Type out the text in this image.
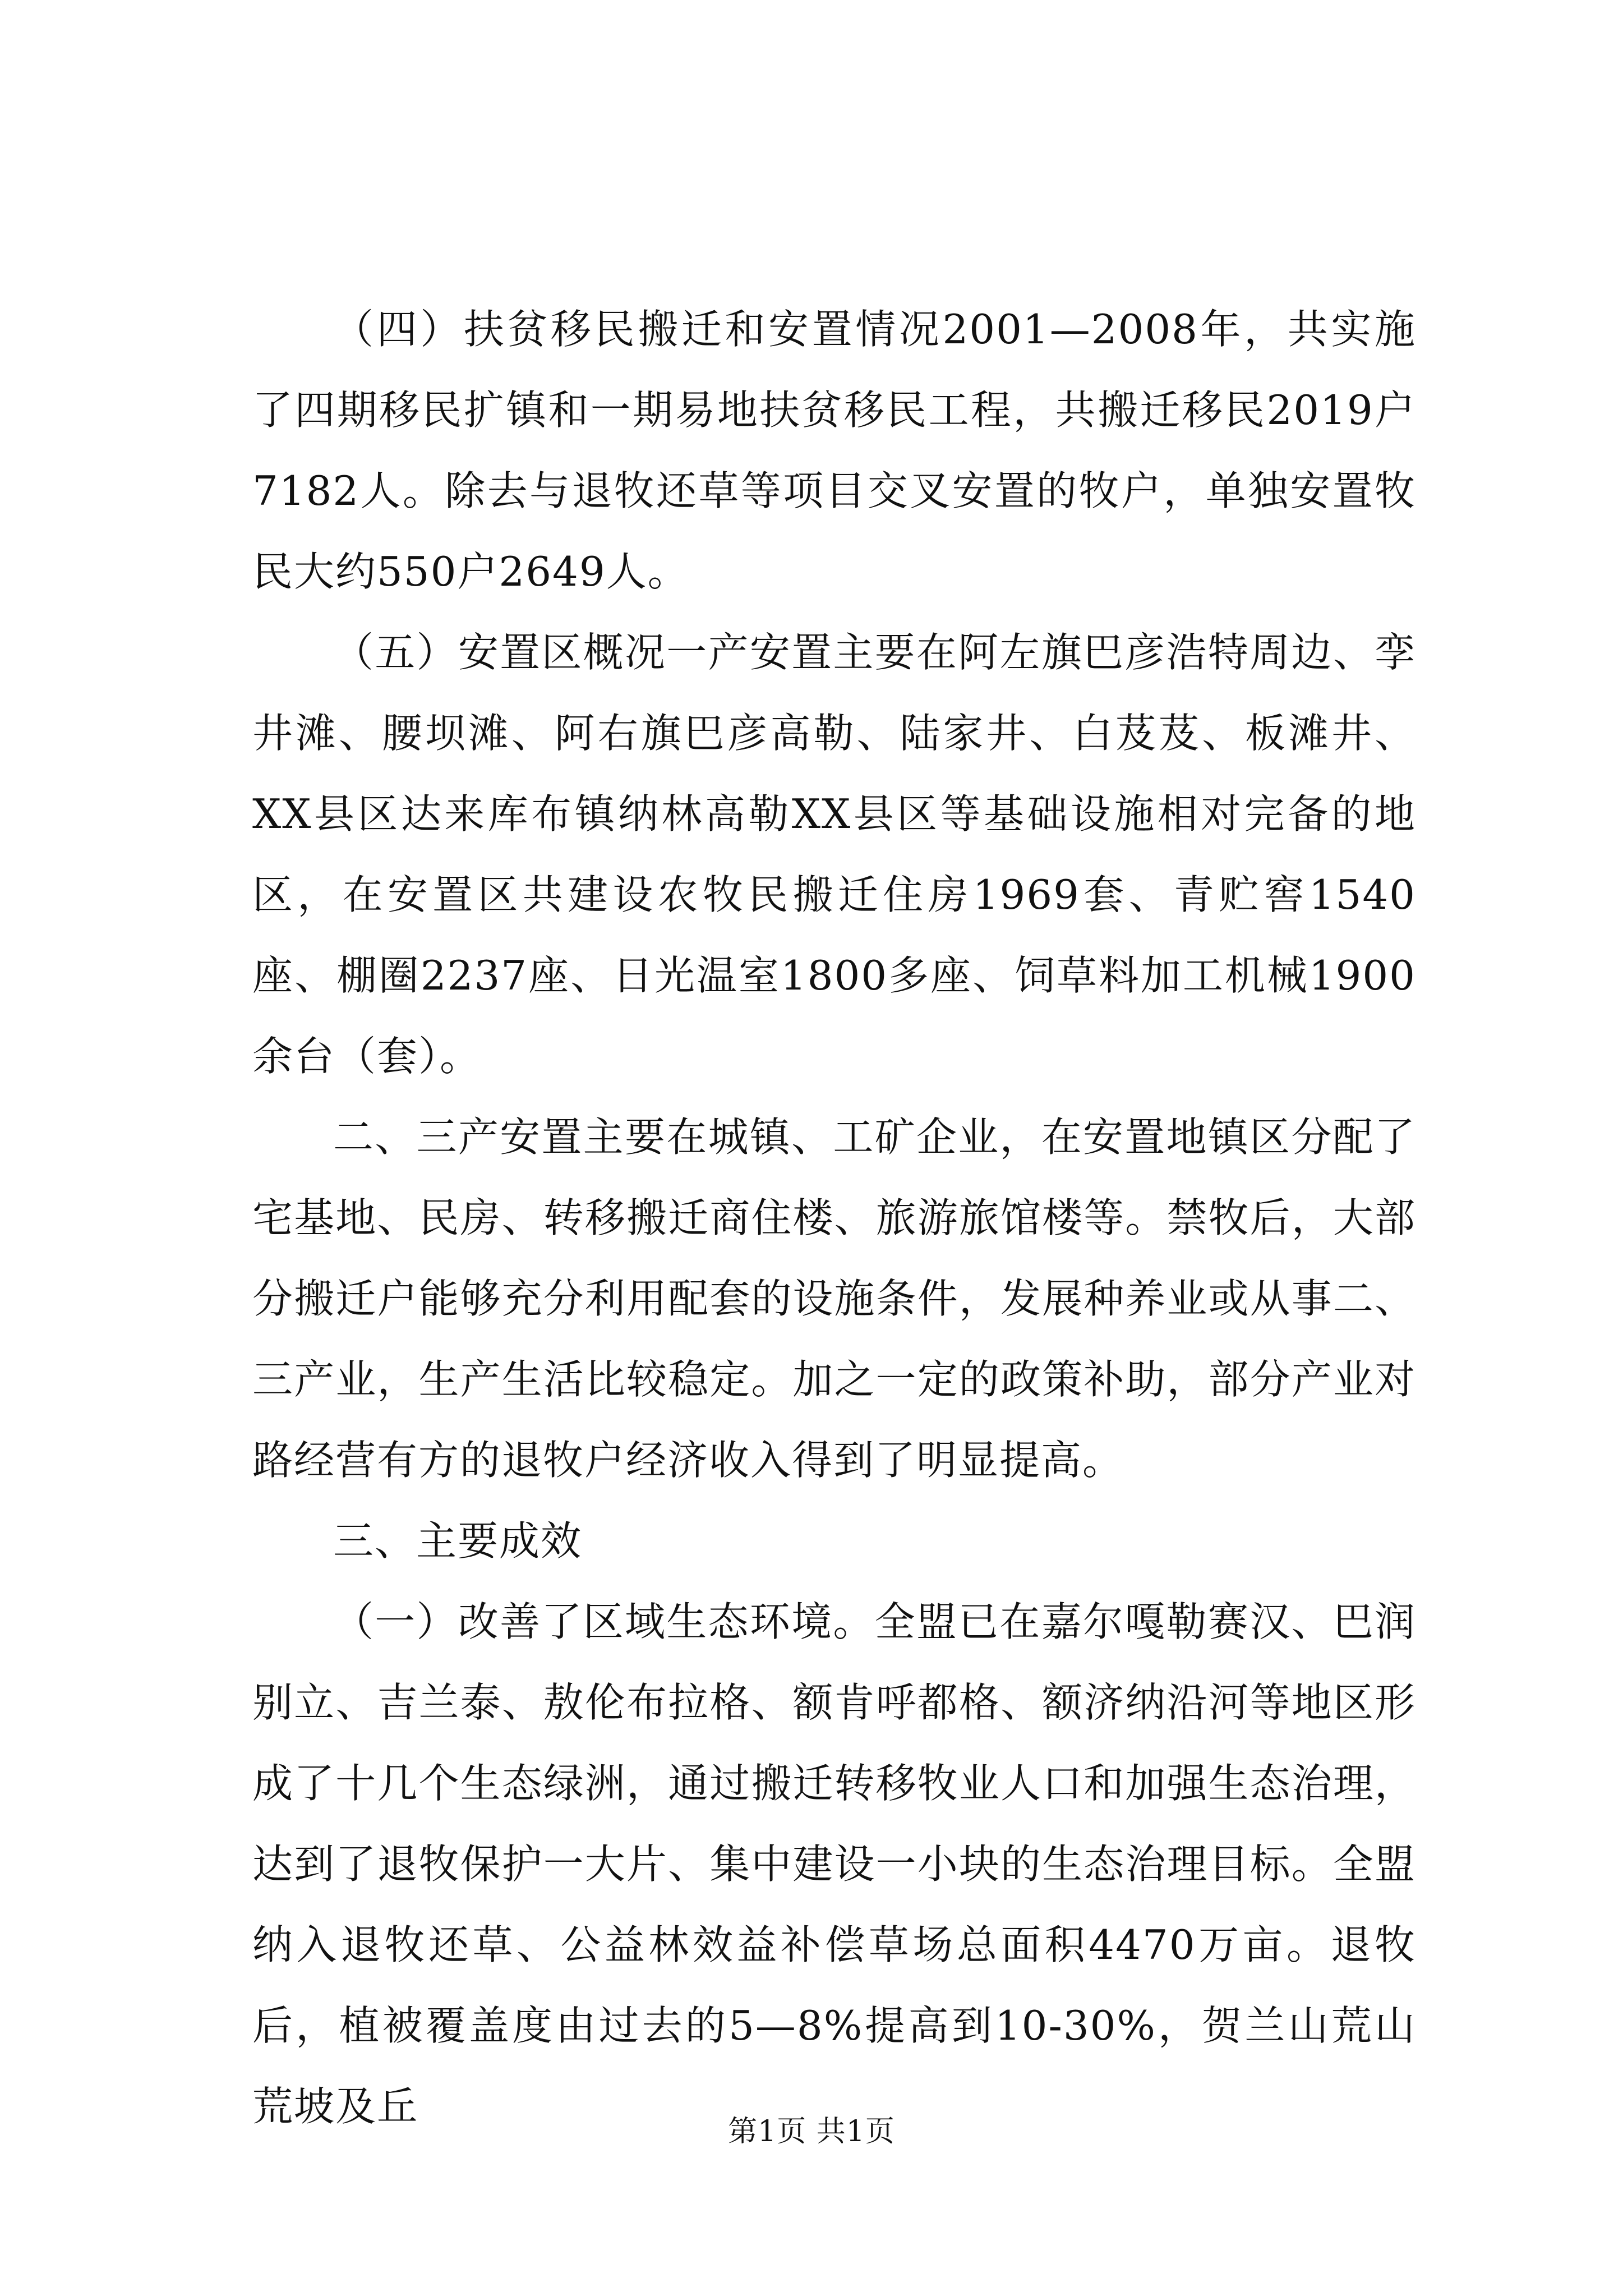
（四）扶贫移民搬迁和安置情况2001—2008年，共实施了四期移民扩镇和一期易地扶贫移民工程，共搬迁移民2019户7182人。除去与退牧还草等项目交叉安置的牧户，单独安置牧民大约550户2649人。

（五）安置区概况一产安置主要在阿左旗巴彦浩特周边、孪井滩、腰坝滩、阿右旗巴彦高勒、陆家井、白芨芨、板滩井、XX县区达来库布镇纳林高勒XX县区等基础设施相对完备的地区，在安置区共建设农牧民搬迁住房1969套、青贮窖1540座、棚圈2237座、日光温室1800多座、饲草料加工机械1900余台（套）。

二、三产安置主要在城镇、工矿企业，在安置地镇区分配了宅基地、民房、转移搬迁商住楼、旅游旅馆楼等。禁牧后，大部分搬迁户能够充分利用配套的设施条件，发展种养业或从事二、三产业，生产生活比较稳定。加之一定的政策补助，部分产业对路经营有方的退牧户经济收入得到了明显提高。

三、主要成效

（一）改善了区域生态环境。全盟已在嘉尔嘎勒赛汉、巴润别立、吉兰泰、敖伦布拉格、额肯呼都格、额济纳沿河等地区形成了十几个生态绿洲，通过搬迁转移牧业人口和加强生态治理，达到了退牧保护一大片、集中建设一小块的生态治理目标。全盟纳入退牧还草、公益林效益补偿草场总面积4470万亩。退牧后，植被覆盖度由过去的5—8%提高到10-30%，贺兰山荒山荒坡及丘

第1页 共1页
